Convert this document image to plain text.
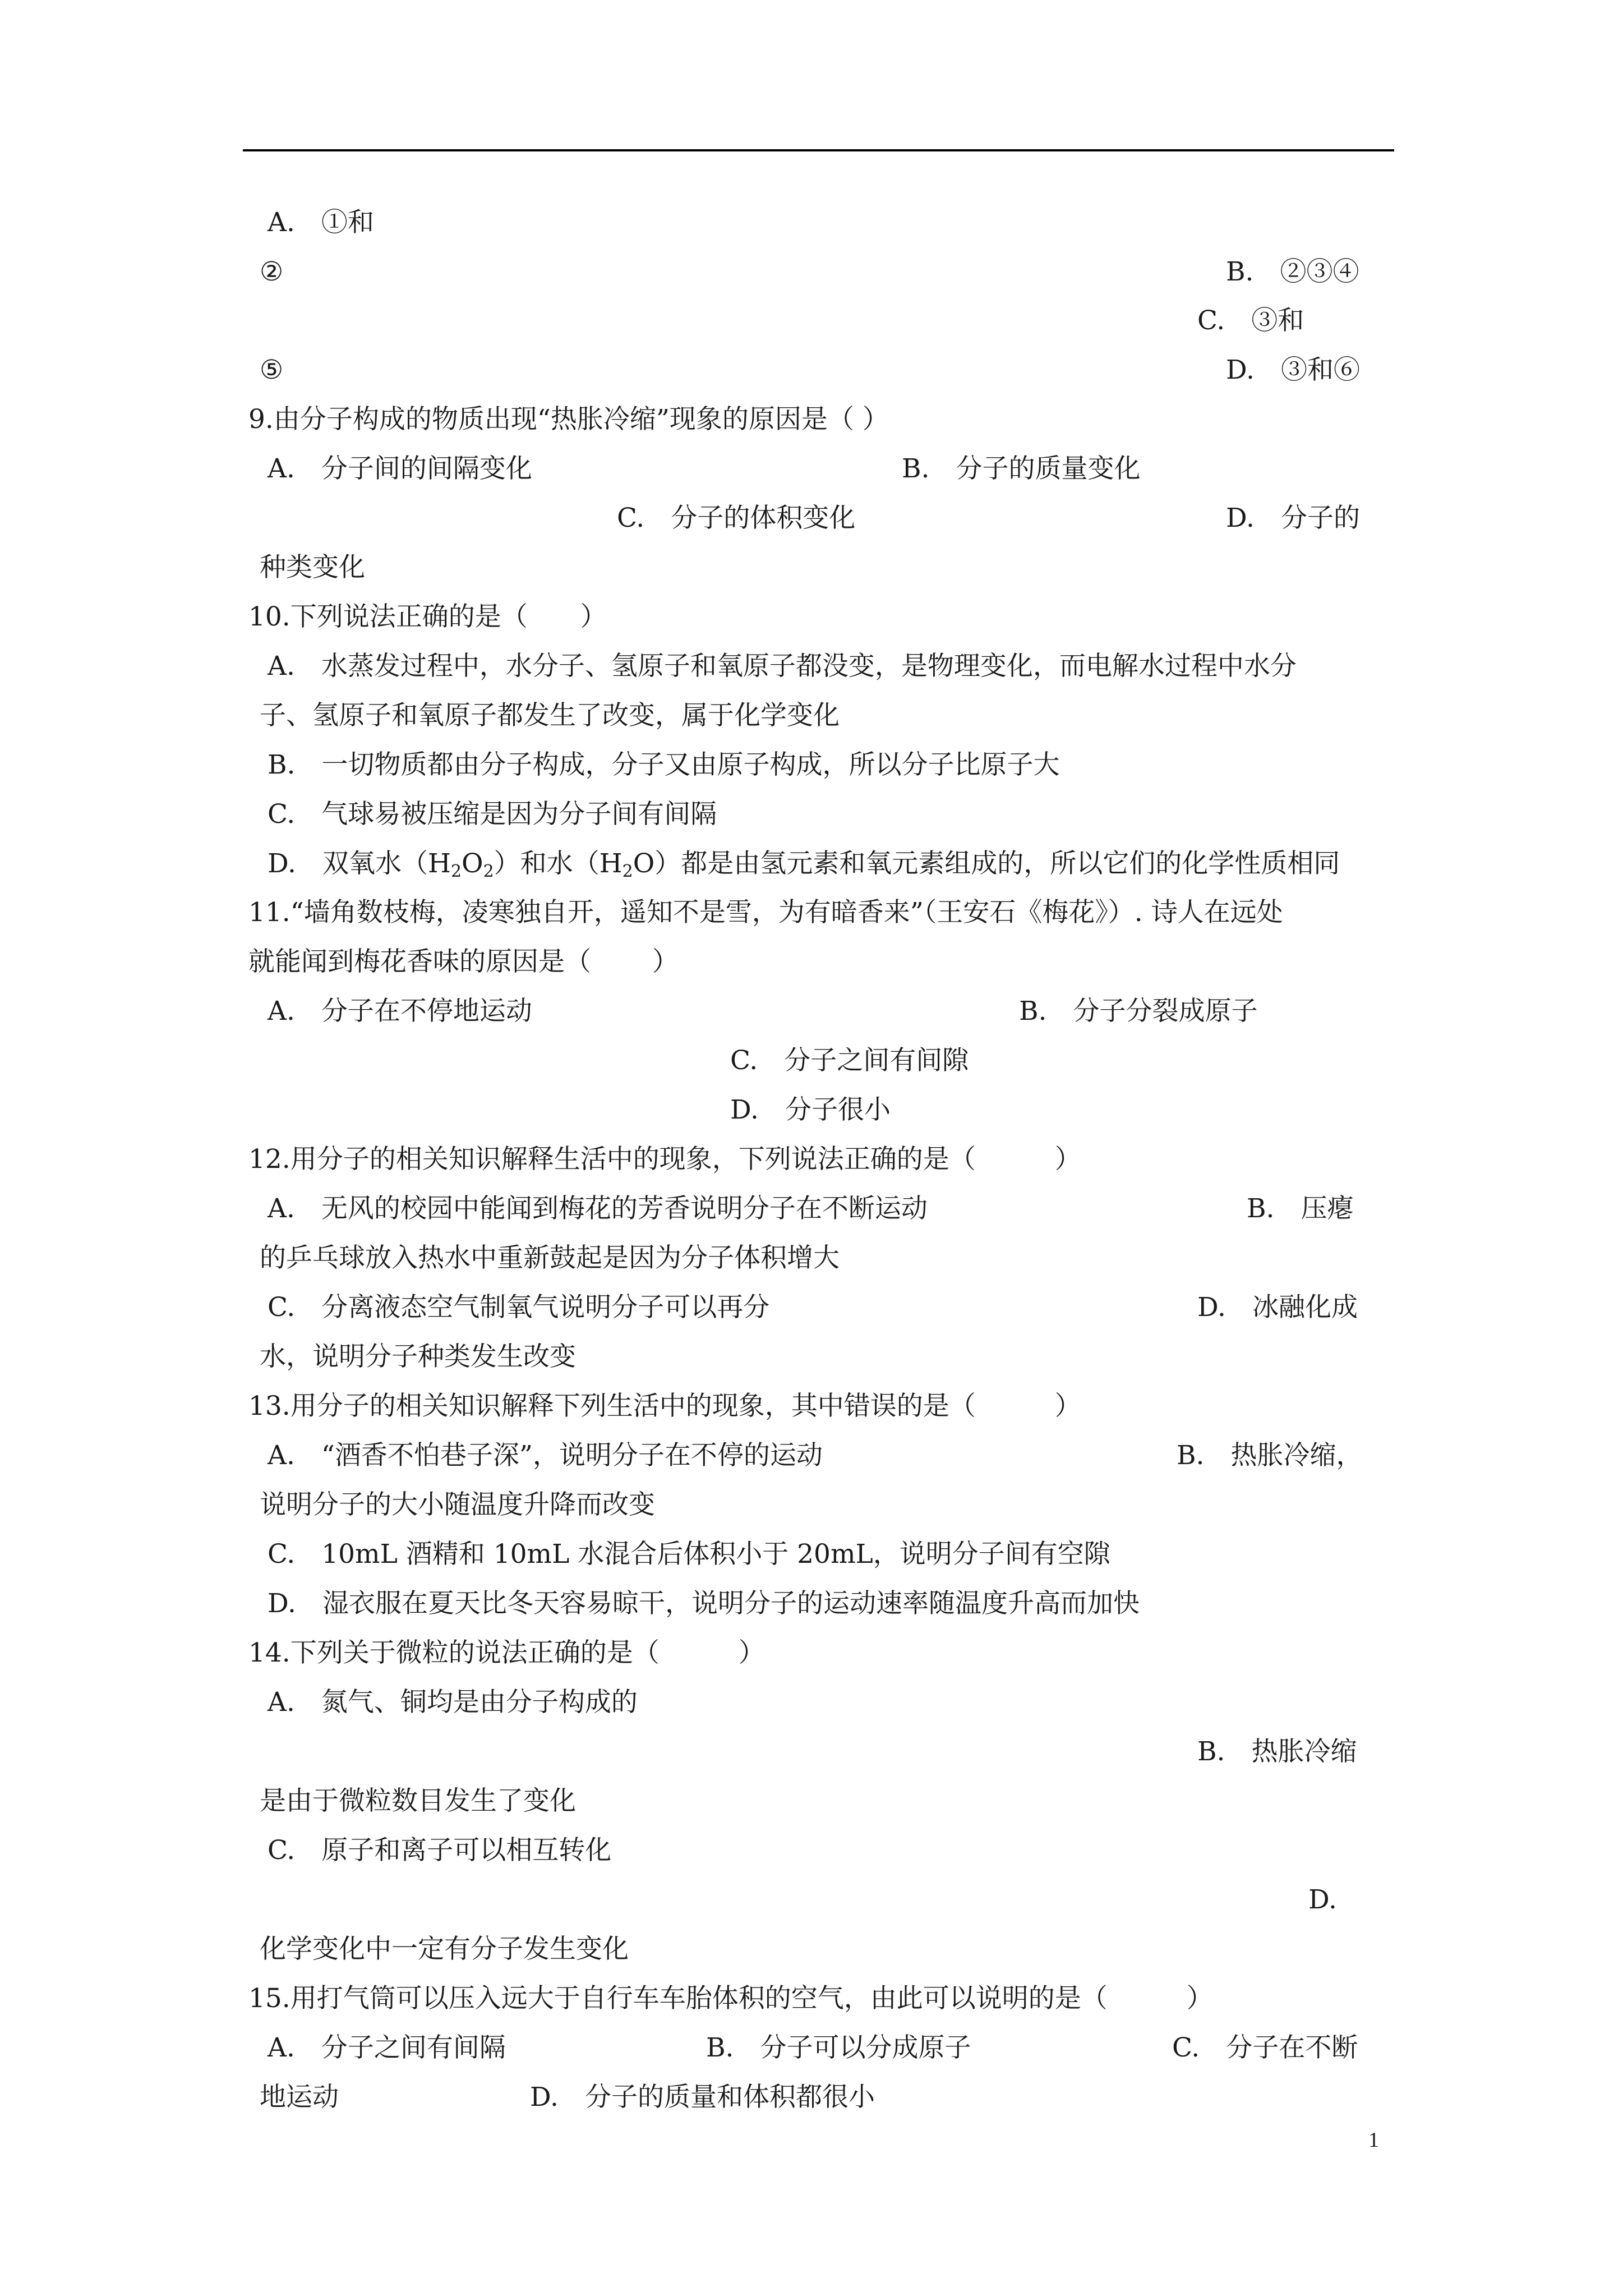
A.　①和

②	B.　②③④

C.　③和

⑤	D.　③和⑥

9.由分子构成的物质出现“热胀冷缩”现象的原因是（ ）

A.　分子间的间隔变化	B.　分子的质量变化

C.　分子的体积变化	D.　分子的

种类变化

10.下列说法正确的是（　　）

A.　水蒸发过程中，水分子、氢原子和氧原子都没变，是物理变化，而电解水过程中水分

子、氢原子和氧原子都发生了改变，属于化学变化

B.　一切物质都由分子构成，分子又由原子构成，所以分子比原子大

C.　气球易被压缩是因为分子间有间隔

D.　双氧水$(H_2O_2)$和水$(H_2O)$都是由氢元素和氧元素组成的，所以它们的化学性质相同

11.“墙角数枝梅，凌寒独自开，遥知不是雪，为有暗香来”（王安石《梅花》）. 诗人在远处

就能闻到梅花香味的原因是（　　 ）

A.　分子在不停地运动	B.　分子分裂成原子

C.　分子之间有间隙

D.　分子很小

12.用分子的相关知识解释生活中的现象，下列说法正确的是（　　　）

A.　无风的校园中能闻到梅花的芳香说明分子在不断运动	B.　压瘪

的乒乓球放入热水中重新鼓起是因为分子体积增大

C.　分离液态空气制氧气说明分子可以再分	D.　冰融化成

水，说明分子种类发生改变

13.用分子的相关知识解释下列生活中的现象，其中错误的是（　　　）

A.　“酒香不怕巷子深”，说明分子在不停的运动	B.　热胀冷缩，

说明分子的大小随温度升降而改变

C.　10mL 酒精和 10mL 水混合后体积小于 20mL，说明分子间有空隙

D.　湿衣服在夏天比冬天容易晾干，说明分子的运动速率随温度升高而加快

14.下列关于微粒的说法正确的是（　　　）

A.　氮气、铜均是由分子构成的

B.　热胀冷缩

是由于微粒数目发生了变化

C.　原子和离子可以相互转化

D.

化学变化中一定有分子发生变化

15.用打气筒可以压入远大于自行车车胎体积的空气，由此可以说明的是（　　　）

A.　分子之间有间隔	B.　分子可以分成原子	C.　分子在不断

地运动	D.　分子的质量和体积都很小

1
